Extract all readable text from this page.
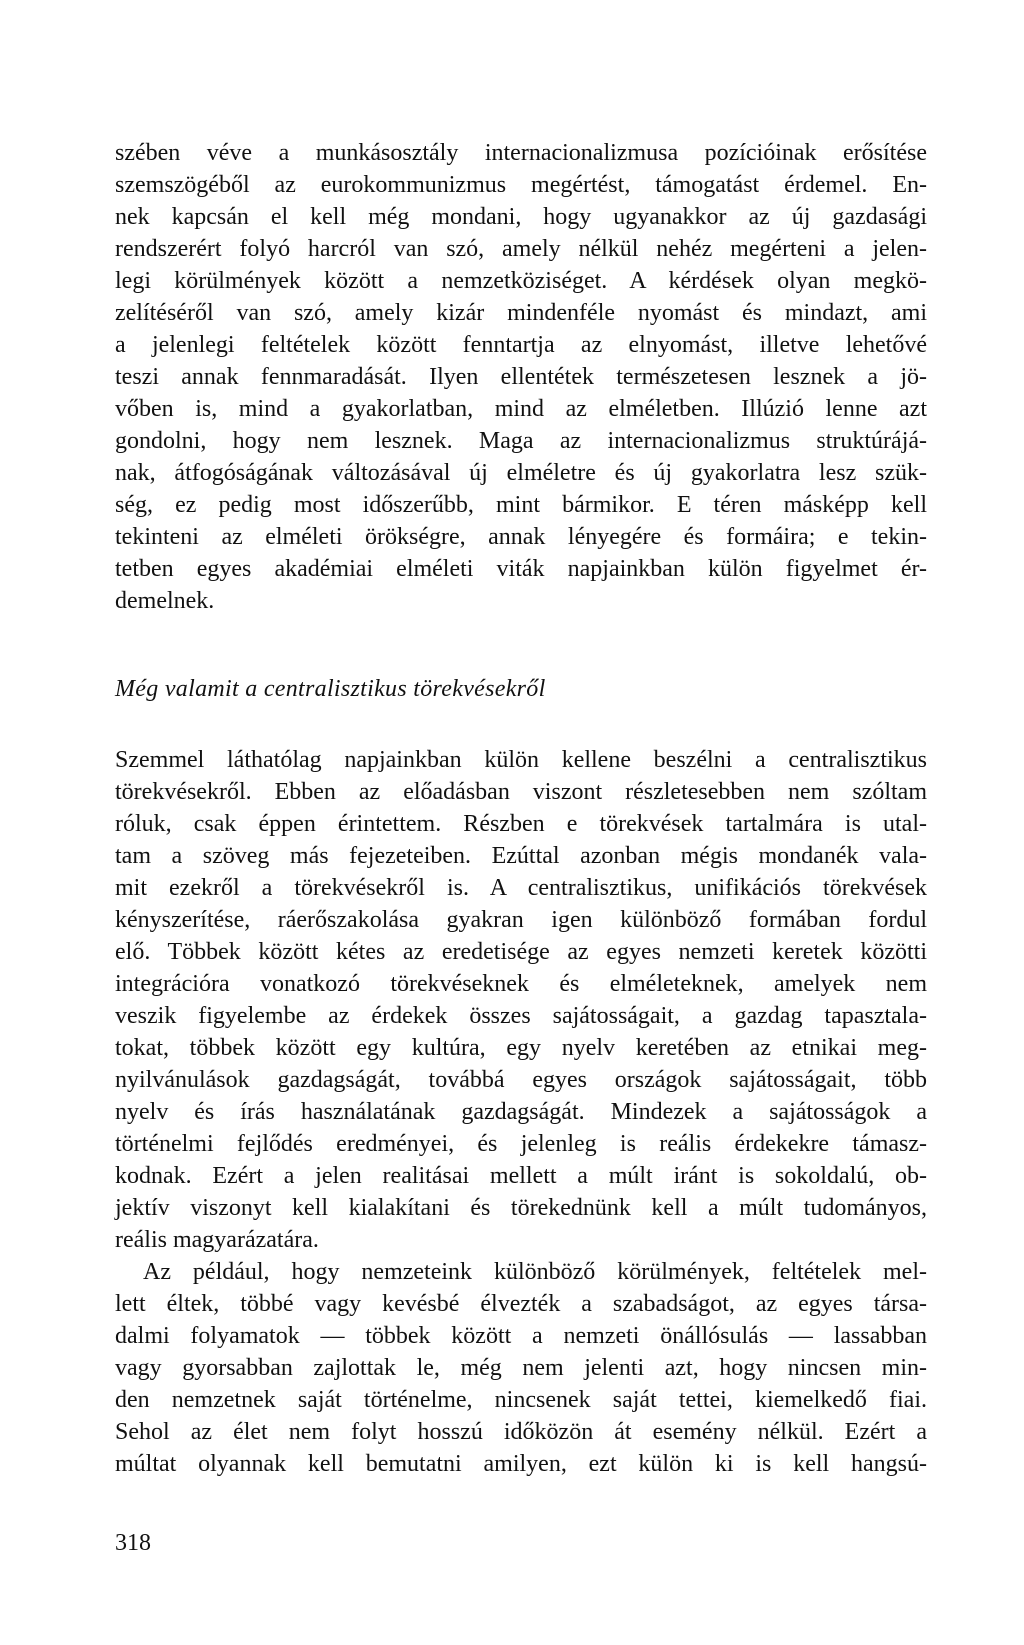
szében véve a munkásosztály internacionalizmusa pozícióinak erősítése
szemszögéből az eurokommunizmus megértést, támogatást érdemel. En-
nek kapcsán el kell még mondani, hogy ugyanakkor az új gazdasági
rendszerért folyó harcról van szó, amely nélkül nehéz megérteni a jelen-
legi körülmények között a nemzetköziséget. A kérdések olyan megkö-
zelítéséről van szó, amely kizár mindenféle nyomást és mindazt, ami
a jelenlegi feltételek között fenntartja az elnyomást, illetve lehetővé
teszi annak fennmaradását. Ilyen ellentétek természetesen lesznek a jö-
vőben is, mind a gyakorlatban, mind az elméletben. Illúzió lenne azt
gondolni, hogy nem lesznek. Maga az internacionalizmus struktúrájá-
nak, átfogóságának változásával új elméletre és új gyakorlatra lesz szük-
ség, ez pedig most időszerűbb, mint bármikor. E téren másképp kell
tekinteni az elméleti örökségre, annak lényegére és formáira; e tekin-
tetben egyes akadémiai elméleti viták napjainkban külön figyelmet ér-
demelnek.
Még valamit a centralisztikus törekvésekről
Szemmel láthatólag napjainkban külön kellene beszélni a centralisztikus
törekvésekről. Ebben az előadásban viszont részletesebben nem szóltam
róluk, csak éppen érintettem. Részben e törekvések tartalmára is utal-
tam a szöveg más fejezeteiben. Ezúttal azonban mégis mondanék vala-
mit ezekről a törekvésekről is. A centralisztikus, unifikációs törekvések
kényszerítése, ráerőszakolása gyakran igen különböző formában fordul
elő. Többek között kétes az eredetisége az egyes nemzeti keretek közötti
integrációra vonatkozó törekvéseknek és elméleteknek, amelyek nem
veszik figyelembe az érdekek összes sajátosságait, a gazdag tapasztala-
tokat, többek között egy kultúra, egy nyelv keretében az etnikai meg-
nyilvánulások gazdagságát, továbbá egyes országok sajátosságait, több
nyelv és írás használatának gazdagságát. Mindezek a sajátosságok a
történelmi fejlődés eredményei, és jelenleg is reális érdekekre támasz-
kodnak. Ezért a jelen realitásai mellett a múlt iránt is sokoldalú, ob-
jektív viszonyt kell kialakítani és törekednünk kell a múlt tudományos,
reális magyarázatára.
Az például, hogy nemzeteink különböző körülmények, feltételek mel-
lett éltek, többé vagy kevésbé élvezték a szabadságot, az egyes társa-
dalmi folyamatok — többek között a nemzeti önállósulás — lassabban
vagy gyorsabban zajlottak le, még nem jelenti azt, hogy nincsen min-
den nemzetnek saját történelme, nincsenek saját tettei, kiemelkedő fiai.
Sehol az élet nem folyt hosszú időközön át esemény nélkül. Ezért a
múltat olyannak kell bemutatni amilyen, ezt külön ki is kell hangsú-
318
